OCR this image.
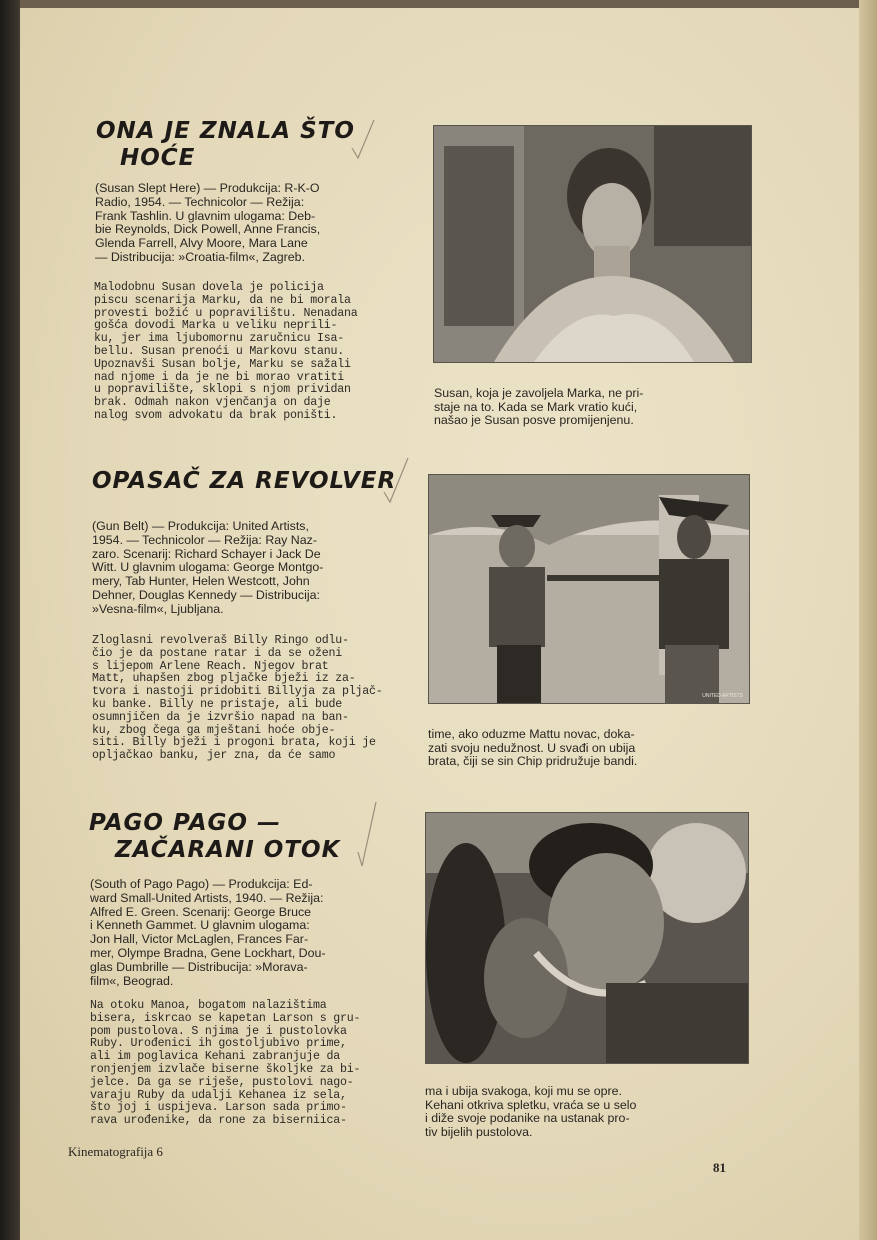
ONA JE ZNALA ŠTO
HOĆE
(Susan Slept Here) — Produkcija: R-K-O
Radio, 1954. — Technicolor — Režija:
Frank Tashlin. U glavnim ulogama: Deb-
bie Reynolds, Dick Powell, Anne Francis,
Glenda Farrell, Alvy Moore, Mara Lane
— Distribucija: »Croatia-film«, Zagreb.
Malodobnu Susan dovela je policija
piscu scenarija Marku, da ne bi morala
provesti božić u popravilištu. Nenadana
gošća dovodi Marka u veliku neprili-
ku, jer ima ljubomornu zaručnicu Isa-
bellu. Susan prenoći u Markovu stanu.
Upoznavši Susan bolje, Marku se sažali
nad njome i da je ne bi morao vratiti
u popravilište, sklopi s njom prividan
brak. Odmah nakon vjenčanja on daje
nalog svom advokatu da brak poništi.
Susan, koja je zavoljela Marka, ne pri-
staje na to. Kada se Mark vratio kući,
našao je Susan posve promijenjenu.
OPASAČ ZA REVOLVER
(Gun Belt) — Produkcija: United Artists,
1954. — Technicolor — Režija: Ray Naz-
zaro. Scenarij: Richard Schayer i Jack De
Witt. U glavnim ulogama: George Montgo-
mery, Tab Hunter, Helen Westcott, John
Dehner, Douglas Kennedy — Distribucija:
»Vesna-film«, Ljubljana.
Zloglasni revolveraš Billy Ringo odlu-
čio je da postane ratar i da se oženi
s lijepom Arlene Reach. Njegov brat
Matt, uhapšen zbog pljačke bježi iz za-
tvora i nastoji pridobiti Billyja za pljač-
ku banke. Billy ne pristaje, ali bude
osumnjičen da je izvršio napad na ban-
ku, zbog čega ga mještani hoće obje-
siti. Billy bježi i progoni brata, koji je
opljačkao banku, jer zna, da će samo
UNITED ARTISTS
time, ako oduzme Mattu novac, doka-
zati svoju nedužnost. U svađi on ubija
brata, čiji se sin Chip pridružuje bandi.
PAGO PAGO —
ZAČARANI OTOK
(South of Pago Pago) — Produkcija: Ed-
ward Small-United Artists, 1940. — Režija:
Alfred E. Green. Scenarij: George Bruce
i Kenneth Gammet. U glavnim ulogama:
Jon Hall, Victor McLaglen, Frances Far-
mer, Olympe Bradna, Gene Lockhart, Dou-
glas Dumbrille — Distribucija: »Morava-
film«, Beograd.
Na otoku Manoa, bogatom nalazištima
bisera, iskrcao se kapetan Larson s gru-
pom pustolova. S njima je i pustolovka
Ruby. Urođenici ih gostoljubivo prime,
ali im poglavica Kehani zabranjuje da
ronjenjem izvlače biserne školjke za bi-
jelce. Da ga se riješe, pustolovi nago-
varaju Ruby da udalji Kehanea iz sela,
što joj i uspijeva. Larson sada primo-
rava urođenike, da rone za biserniica-
ma i ubija svakoga, koji mu se opre.
Kehani otkriva spletku, vraća se u selo
i diže svoje podanike na ustanak pro-
tiv bijelih pustolova.
Kinematografija 6
81
